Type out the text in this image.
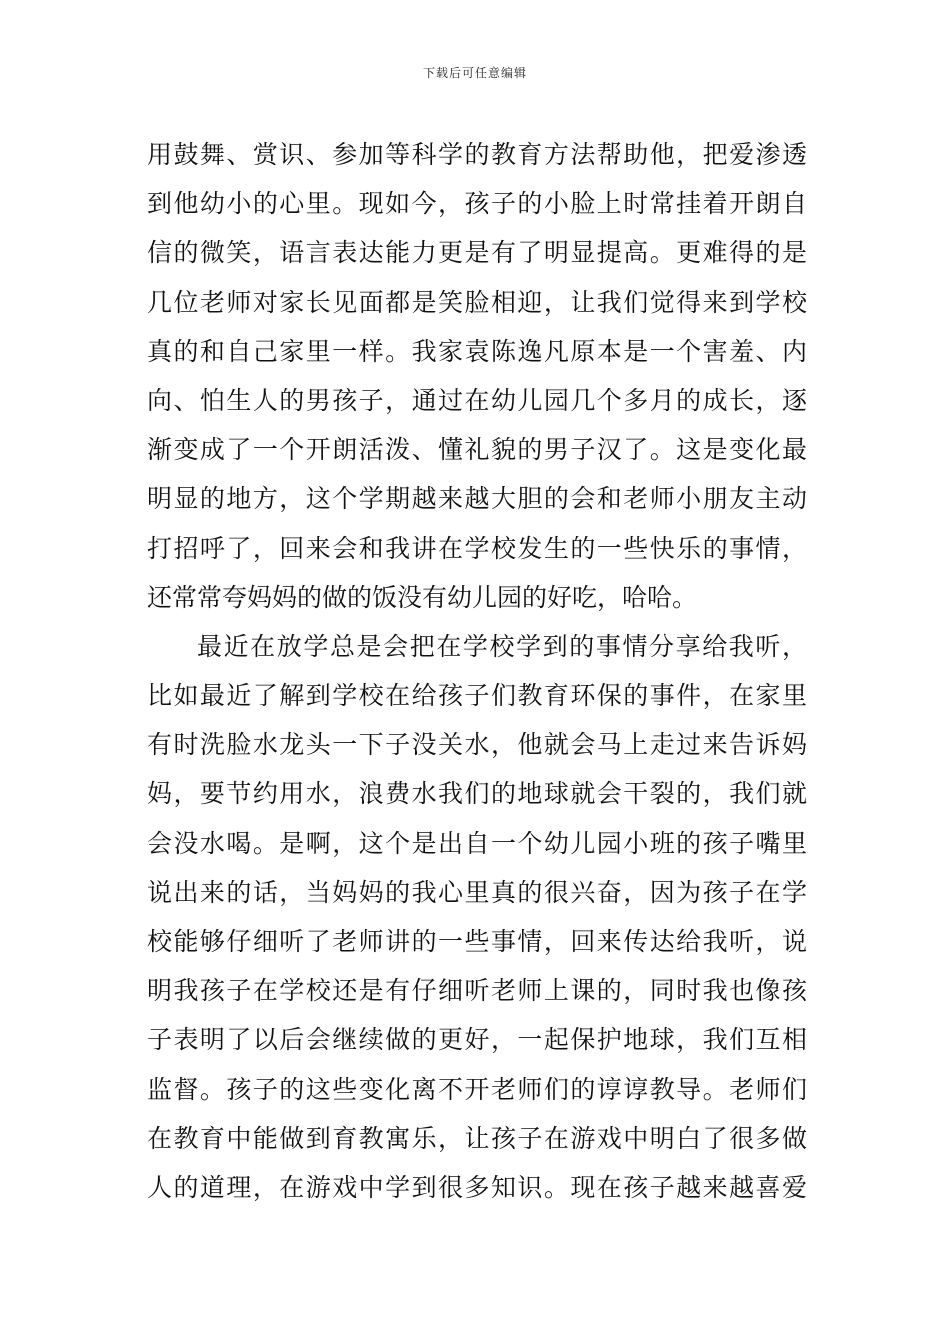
下载后可任意编辑
用鼓舞、赏识、参加等科学的教育方法帮助他，把爱渗透
到他幼小的心里。现如今，孩子的小脸上时常挂着开朗自
信的微笑，语言表达能力更是有了明显提高。更难得的是
几位老师对家长见面都是笑脸相迎，让我们觉得来到学校
真的和自己家里一样。我家袁陈逸凡原本是一个害羞、内
向、怕生人的男孩子，通过在幼儿园几个多月的成长，逐
渐变成了一个开朗活泼、懂礼貌的男子汉了。这是变化最
明显的地方，这个学期越来越大胆的会和老师小朋友主动
打招呼了，回来会和我讲在学校发生的一些快乐的事情，
还常常夸妈妈的做的饭没有幼儿园的好吃，哈哈。
最近在放学总是会把在学校学到的事情分享给我听，
比如最近了解到学校在给孩子们教育环保的事件，在家里
有时洗脸水龙头一下子没关水，他就会马上走过来告诉妈
妈，要节约用水，浪费水我们的地球就会干裂的，我们就
会没水喝。是啊，这个是出自一个幼儿园小班的孩子嘴里
说出来的话，当妈妈的我心里真的很兴奋，因为孩子在学
校能够仔细听了老师讲的一些事情，回来传达给我听，说
明我孩子在学校还是有仔细听老师上课的，同时我也像孩
子表明了以后会继续做的更好，一起保护地球，我们互相
监督。孩子的这些变化离不开老师们的谆谆教导。老师们
在教育中能做到育教寓乐，让孩子在游戏中明白了很多做
人的道理，在游戏中学到很多知识。现在孩子越来越喜爱
